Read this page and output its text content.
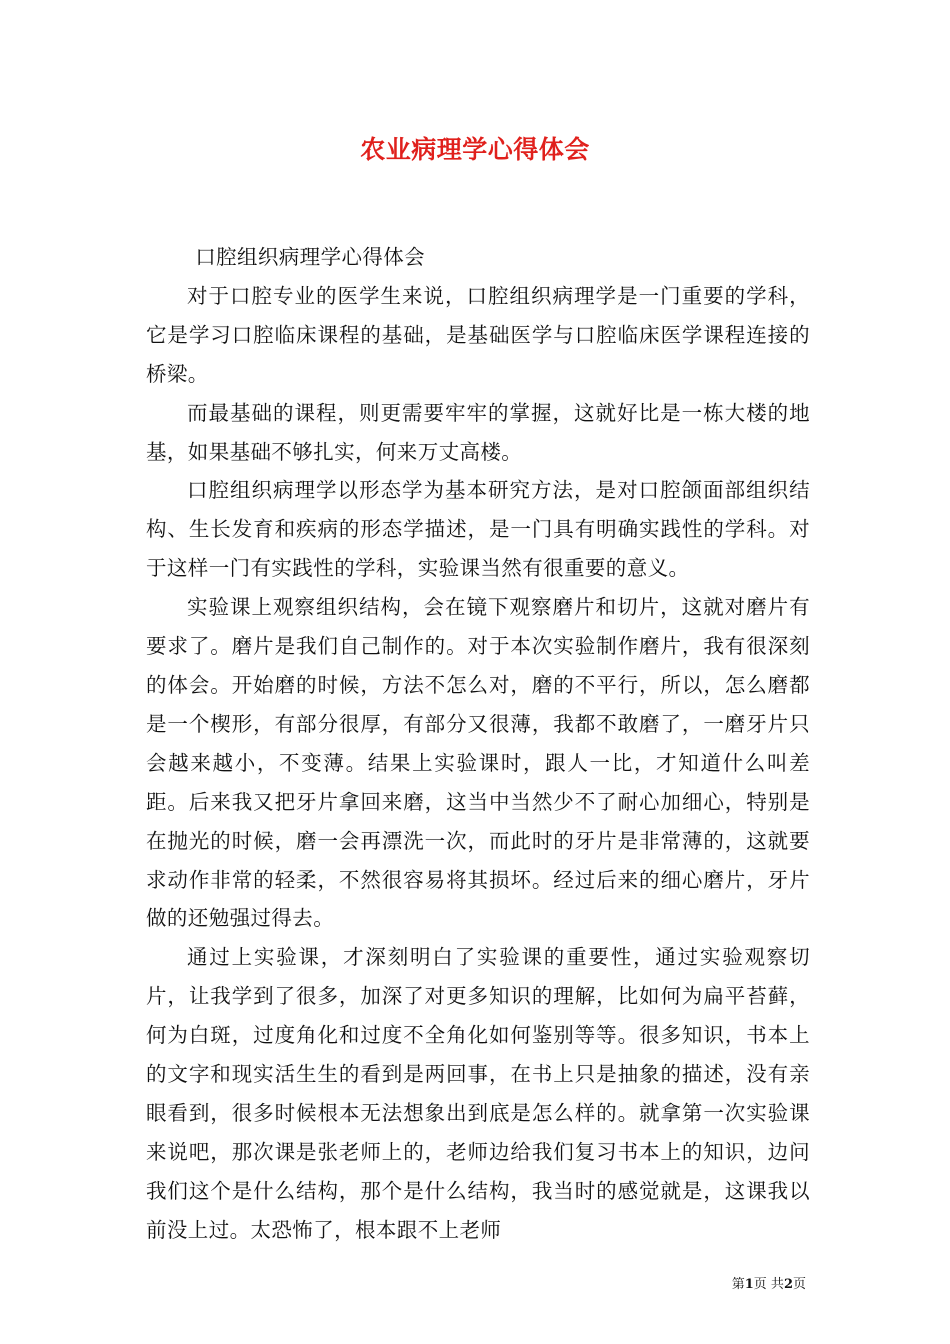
农业病理学心得体会

口腔组织病理学心得体会

对于口腔专业的医学生来说，口腔组织病理学是一门重要的学科，它是学习口腔临床课程的基础，是基础医学与口腔临床医学课程连接的桥梁。

而最基础的课程，则更需要牢牢的掌握，这就好比是一栋大楼的地基，如果基础不够扎实，何来万丈高楼。

口腔组织病理学以形态学为基本研究方法，是对口腔颌面部组织结构、生长发育和疾病的形态学描述，是一门具有明确实践性的学科。对于这样一门有实践性的学科，实验课当然有很重要的意义。

实验课上观察组织结构，会在镜下观察磨片和切片，这就对磨片有要求了。磨片是我们自己制作的。对于本次实验制作磨片，我有很深刻的体会。开始磨的时候，方法不怎么对，磨的不平行，所以，怎么磨都是一个楔形，有部分很厚，有部分又很薄，我都不敢磨了，一磨牙片只会越来越小，不变薄。结果上实验课时，跟人一比，才知道什么叫差距。后来我又把牙片拿回来磨，这当中当然少不了耐心加细心，特别是在抛光的时候，磨一会再漂洗一次，而此时的牙片是非常薄的，这就要求动作非常的轻柔，不然很容易将其损坏。经过后来的细心磨片，牙片做的还勉强过得去。

通过上实验课，才深刻明白了实验课的重要性，通过实验观察切片，让我学到了很多，加深了对更多知识的理解，比如何为扁平苔藓，何为白斑，过度角化和过度不全角化如何鉴别等等。很多知识，书本上的文字和现实活生生的看到是两回事，在书上只是抽象的描述，没有亲眼看到，很多时候根本无法想象出到底是怎么样的。就拿第一次实验课来说吧，那次课是张老师上的，老师边给我们复习书本上的知识，边问我们这个是什么结构，那个是什么结构，我当时的感觉就是，这课我以前没上过。太恐怖了，根本跟不上老师

第1页 共2页
